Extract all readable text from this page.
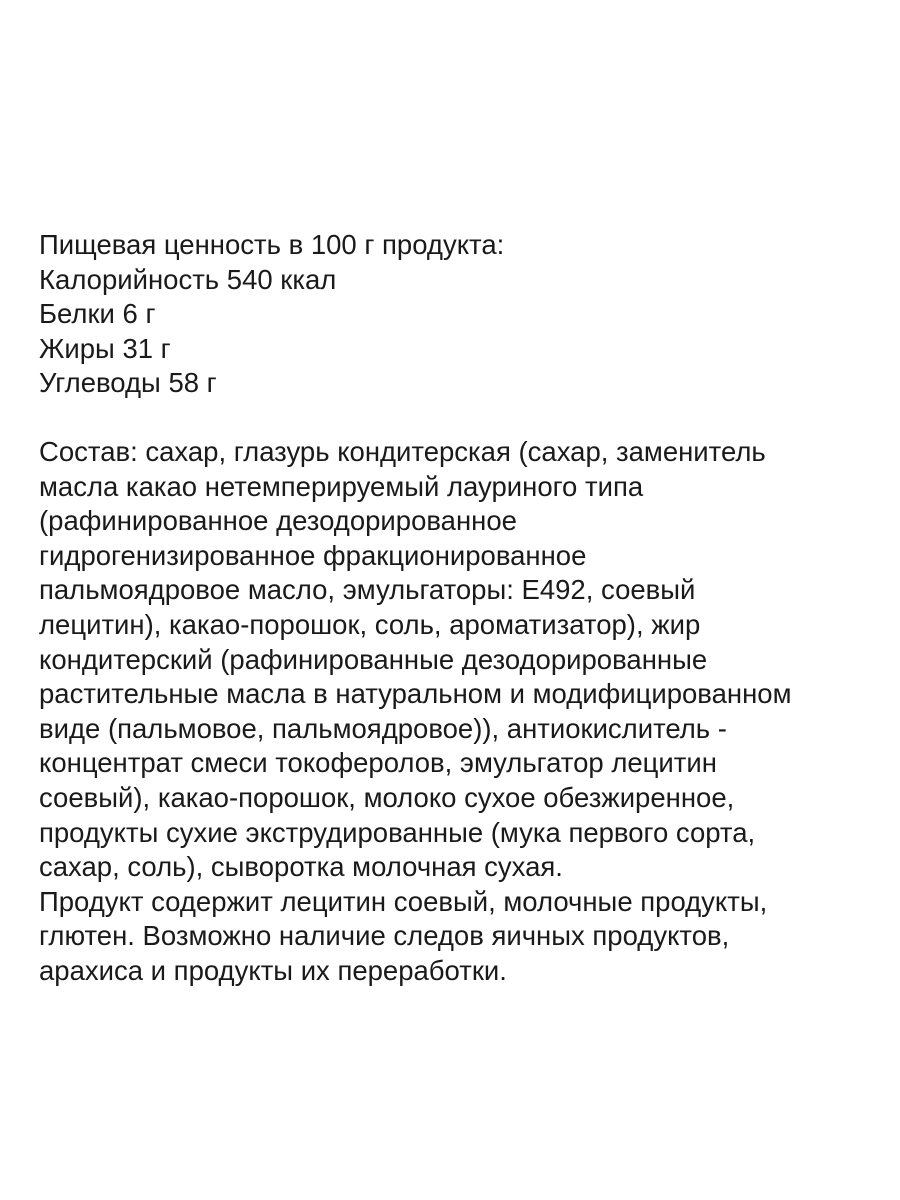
Пищевая ценность в 100 г продукта:
Калорийность 540 ккал
Белки 6 г
Жиры 31 г
Углеводы 58 г
Состав: сахар, глазурь кондитерская (сахар, заменитель
масла какао нетемперируемый лауриного типа
(рафинированное дезодорированное
гидрогенизированное фракционированное
пальмоядровое масло, эмульгаторы: Е492, соевый
лецитин), какао-порошок, соль, ароматизатор), жир
кондитерский (рафинированные дезодорированные
растительные масла в натуральном и модифицированном
виде (пальмовое, пальмоядровое)), антиокислитель -
концентрат смеси токоферолов, эмульгатор лецитин
соевый), какао-порошок, молоко сухое обезжиренное,
продукты сухие экструдированные (мука первого сорта,
сахар, соль), сыворотка молочная сухая.
Продукт содержит лецитин соевый, молочные продукты,
глютен. Возможно наличие следов яичных продуктов,
арахиса и продукты их переработки.
